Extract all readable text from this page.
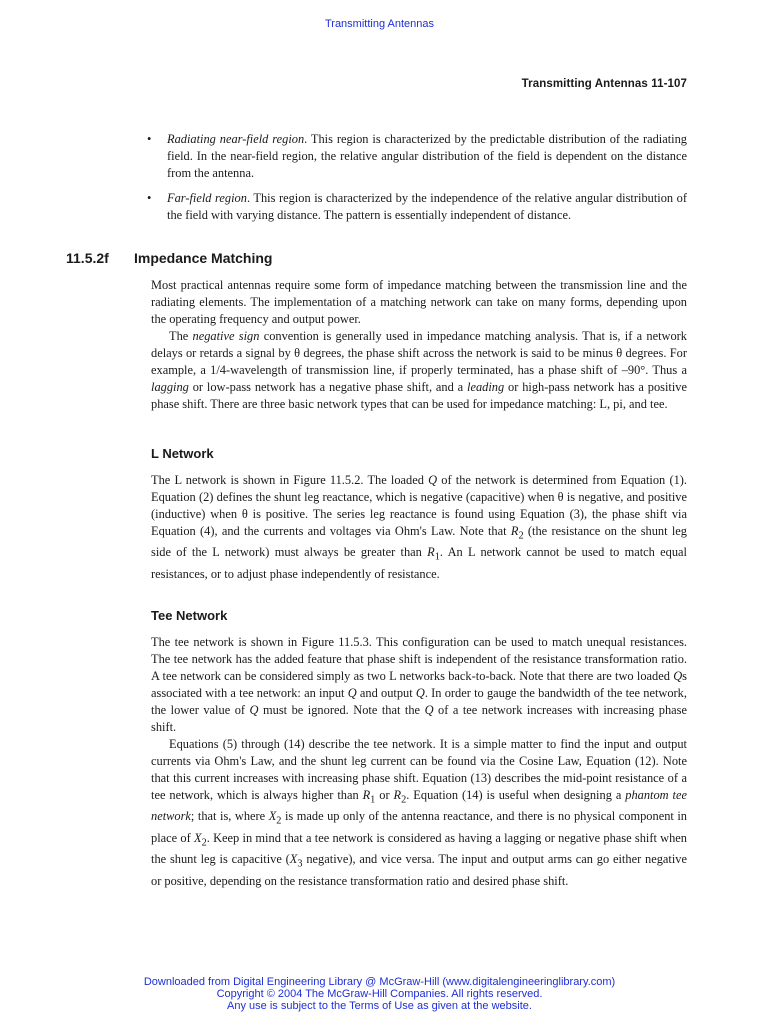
Transmitting Antennas
Transmitting Antennas 11-107
• Radiating near-field region. This region is characterized by the predictable distribution of the radiating field. In the near-field region, the relative angular distribution of the field is dependent on the distance from the antenna.
• Far-field region. This region is characterized by the independence of the relative angular distribution of the field with varying distance. The pattern is essentially independent of distance.
11.5.2f Impedance Matching

Most practical antennas require some form of impedance matching between the transmission line and the radiating elements. The implementation of a matching network can take on many forms, depending upon the operating frequency and output power.

The negative sign convention is generally used in impedance matching analysis. That is, if a network delays or retards a signal by θ degrees, the phase shift across the network is said to be minus θ degrees. For example, a 1/4-wavelength of transmission line, if properly terminated, has a phase shift of –90°. Thus a lagging or low-pass network has a negative phase shift, and a leading or high-pass network has a positive phase shift. There are three basic network types that can be used for impedance matching: L, pi, and tee.

L Network

The L network is shown in Figure 11.5.2. The loaded Q of the network is determined from Equation (1). Equation (2) defines the shunt leg reactance, which is negative (capacitive) when θ is negative, and positive (inductive) when θ is positive. The series leg reactance is found using Equation (3), the phase shift via Equation (4), and the currents and voltages via Ohm's Law. Note that $R_2$ (the resistance on the shunt leg side of the L network) must always be greater than $R_1$. An L network cannot be used to match equal resistances, or to adjust phase independently of resistance.

Tee Network

The tee network is shown in Figure 11.5.3. This configuration can be used to match unequal resistances. The tee network has the added feature that phase shift is independent of the resistance transformation ratio. A tee network can be considered simply as two L networks back-to-back. Note that there are two loaded Qs associated with a tee network: an input Q and output Q. In order to gauge the bandwidth of the tee network, the lower value of Q must be ignored. Note that the Q of a tee network increases with increasing phase shift.

Equations (5) through (14) describe the tee network. It is a simple matter to find the input and output currents via Ohm's Law, and the shunt leg current can be found via the Cosine Law, Equation (12). Note that this current increases with increasing phase shift. Equation (13) describes the mid-point resistance of a tee network, which is always higher than $R_1$ or $R_2$. Equation (14) is useful when designing a phantom tee network; that is, where $X_2$ is made up only of the antenna reactance, and there is no physical component in place of $X_2$. Keep in mind that a tee network is considered as having a lagging or negative phase shift when the shunt leg is capacitive ($X_3$ negative), and vice versa. The input and output arms can go either negative or positive, depending on the resistance transformation ratio and desired phase shift.

Downloaded from Digital Engineering Library @ McGraw-Hill (www.digitalengineeringlibrary.com)
Copyright © 2004 The McGraw-Hill Companies. All rights reserved.
Any use is subject to the Terms of Use as given at the website.
